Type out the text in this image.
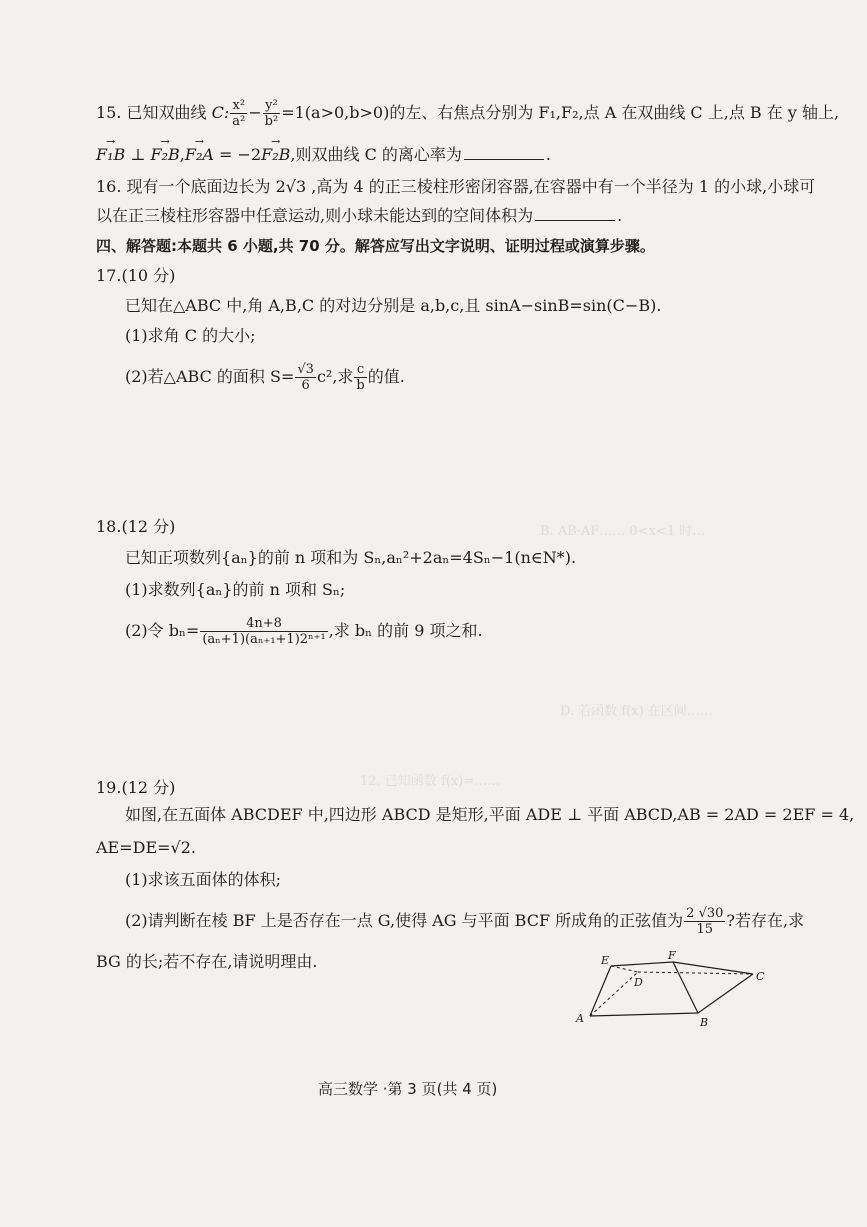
B. AB·AF…… 0<x<1 时…
D. 若函数 f(x) 在区间……
12. 已知函数 f(x)=……
15. 已知双曲线 C: $\frac{\text{x²}}{\text{a²}} - \frac{\text{y²}}{\text{b²}} =1(a>0,b>0)$的左、右焦点分别为 F₁,F₂,点 A 在双曲线 C 上,点 B 在 y 轴上,
→ F₁B ⊥ → F₂B,→ F₂A = −2→ F₂B,则双曲线 C 的离心率为	.
16. 现有一个底面边长为 2√3 ,高为 4 的正三棱柱形密闭容器,在容器中有一个半径为 1 的小球,小球可
以在正三棱柱形容器中任意运动,则小球未能达到的空间体积为	.
四、解答题:本题共 6 小题,共 70 分。解答应写出文字说明、证明过程或演算步骤。
17.(10 分)
已知在△ABC 中,角 A,B,C 的对边分别是 a,b,c,且 sinA−sinB=sin(C−B).
(1)求角 C 的大小;
(2)若△ABC 的面积 $S= \frac{√3}{6} c^2$,求 $\frac{c}{b}$ 的值.
18.(12 分)
已知正项数列{aₙ}的前 n 项和为 Sₙ,aₙ²+2aₙ=4Sₙ−1(n∈N*).
(1)求数列{aₙ}的前 n 项和 Sₙ;
(2)令 $b_n= \frac{4n+8}{\text{(aₙ+1)(aₙ₊₁+1)2ⁿ⁺¹}}$ ,求 bₙ 的前 9 项之和.
19.(12 分)
如图,在五面体 ABCDEF 中,四边形 ABCD 是矩形,平面 ADE ⊥ 平面 ABCD,AB = 2AD = 2EF = 4,
AE=DE=√2.
(1)求该五面体的体积;
(2)请判断在棱 BF 上是否存在一点 G,使得 AG 与平面 BCF 所成角的正弦值为 $\frac{2 √30}{15}$ ?若存在,求
BG 的长;若不存在,请说明理由.	E	F
D	C
A	B
高三数学 ·第 3 页(共 4 页)
